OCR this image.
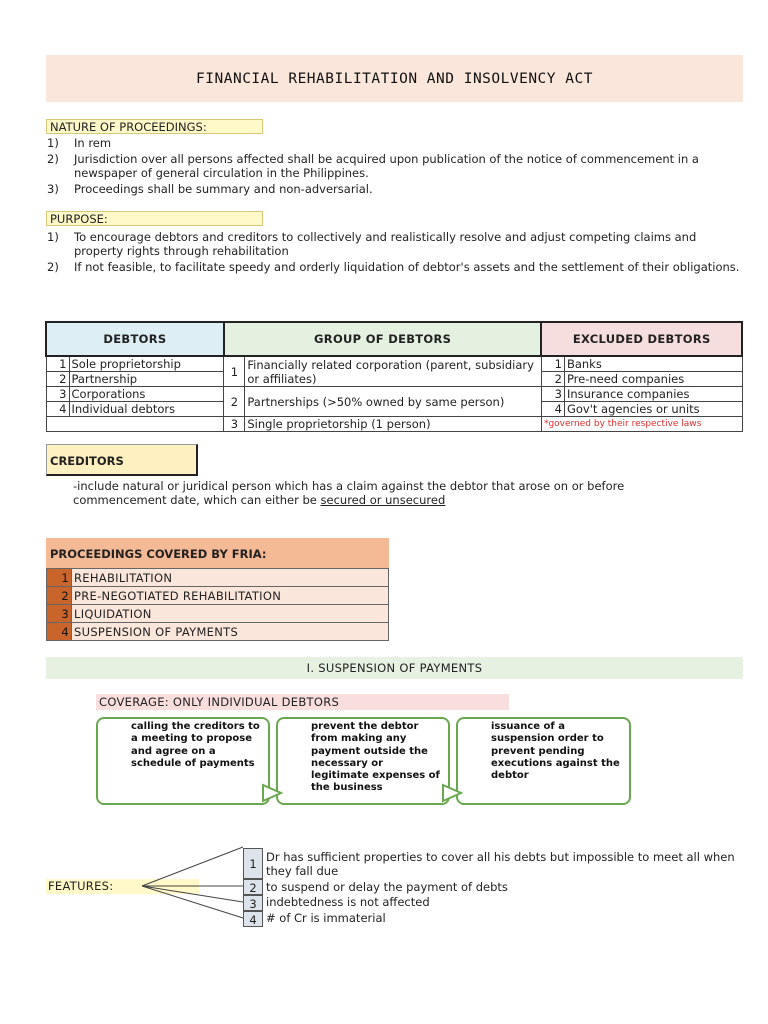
FINANCIAL REHABILITATION AND INSOLVENCY ACT
NATURE OF PROCEEDINGS:
1) In rem
2) Jurisdiction over all persons affected shall be acquired upon publication of the notice of commencement in a newspaper of general circulation in the Philippines.
3) Proceedings shall be summary and non-adversarial.
PURPOSE:
1) To encourage debtors and creditors to collectively and realistically resolve and adjust competing claims and property rights through rehabilitation
2) If not feasible, to facilitate speedy and orderly liquidation of debtor's assets and the settlement of their obligations.
DEBTORS		GROUP OF DEBTORS		EXCLUDED DEBTORS	
1	Sole proprietorship	1	Financially related corporation (parent, subsidiary or affiliates)	1	Banks
2	Partnership			2	Pre-need companies
3	Corporations	2	Partnerships (>50% owned by same person)	3	Insurance companies
4	Individual debtors			4	Gov't agencies or units
		3	Single proprietorship (1 person)	*governed by their respective laws	
CREDITORS
-include natural or juridical person which has a claim against the debtor that arose on or before commencement date, which can either be secured or unsecured
PROCEEDINGS COVERED BY FRIA:
1	REHABILITATION
2	PRE-NEGOTIATED REHABILITATION
3	LIQUIDATION
4	SUSPENSION OF PAYMENTS
I. SUSPENSION OF PAYMENTS
COVERAGE: ONLY INDIVIDUAL DEBTORS
calling the creditors to a meeting to propose and agree on a schedule of payments
prevent the debtor from making any payment outside the necessary or legitimate expenses of the business
issuance of a suspension order to prevent pending executions against the debtor
FEATURES:
1 Dr has sufficient properties to cover all his debts but impossible to meet all when they fall due
2 to suspend or delay the payment of debts
3 indebtedness is not affected
4 # of Cr is immaterial
